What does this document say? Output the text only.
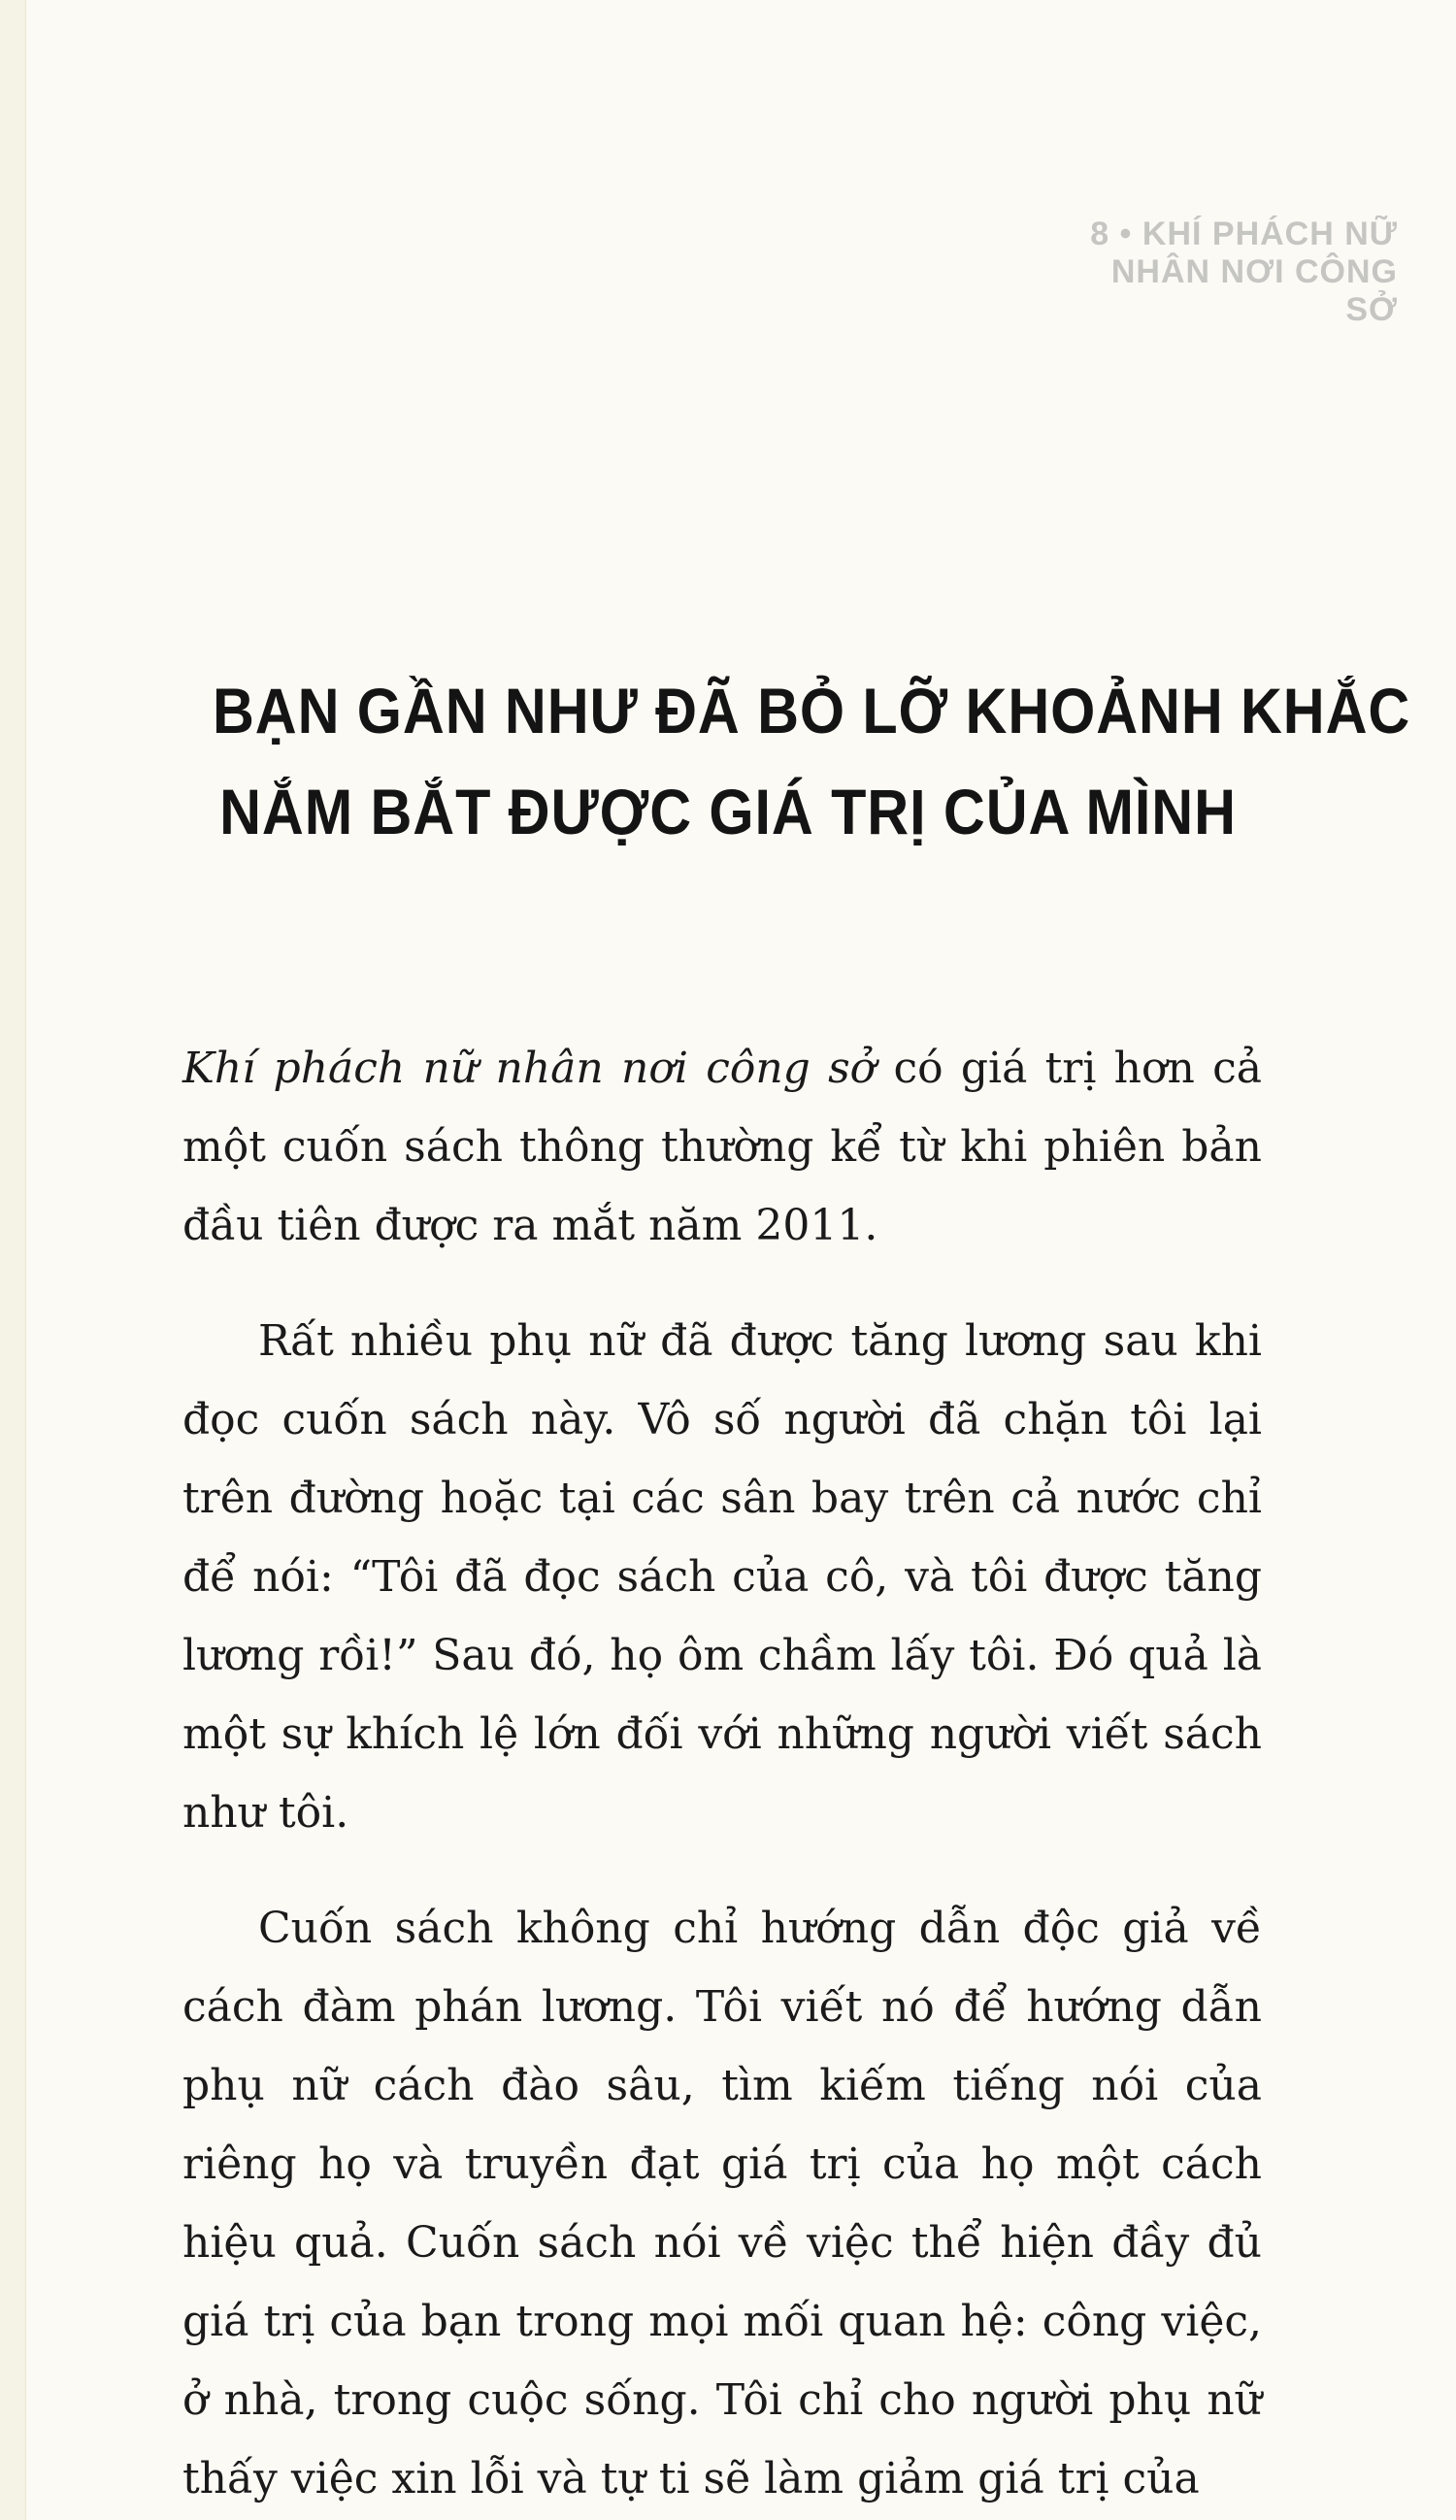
8 • KHÍ PHÁCH NỮ NHÂN NƠI CÔNG SỞ
BẠN GẦN NHƯ ĐÃ BỎ LỠ KHOẢNH KHẮC
NẮM BẮT ĐƯỢC GIÁ TRỊ CỦA MÌNH

Khí phách nữ nhân nơi công sở có giá trị hơn cả một cuốn sách thông thường kể từ khi phiên bản đầu tiên được ra mắt năm 2011.

Rất nhiều phụ nữ đã được tăng lương sau khi đọc cuốn sách này. Vô số người đã chặn tôi lại trên đường hoặc tại các sân bay trên cả nước chỉ để nói: “Tôi đã đọc sách của cô, và tôi được tăng lương rồi!” Sau đó, họ ôm chầm lấy tôi. Đó quả là một sự khích lệ lớn đối với những người viết sách như tôi.

Cuốn sách không chỉ hướng dẫn độc giả về cách đàm phán lương. Tôi viết nó để hướng dẫn phụ nữ cách đào sâu, tìm kiếm tiếng nói của riêng họ và truyền đạt giá trị của họ một cách hiệu quả. Cuốn sách nói về việc thể hiện đầy đủ giá trị của bạn trong mọi mối quan hệ: công việc, ở nhà, trong cuộc sống. Tôi chỉ cho người phụ nữ thấy việc xin lỗi và tự ti sẽ làm giảm giá trị của
